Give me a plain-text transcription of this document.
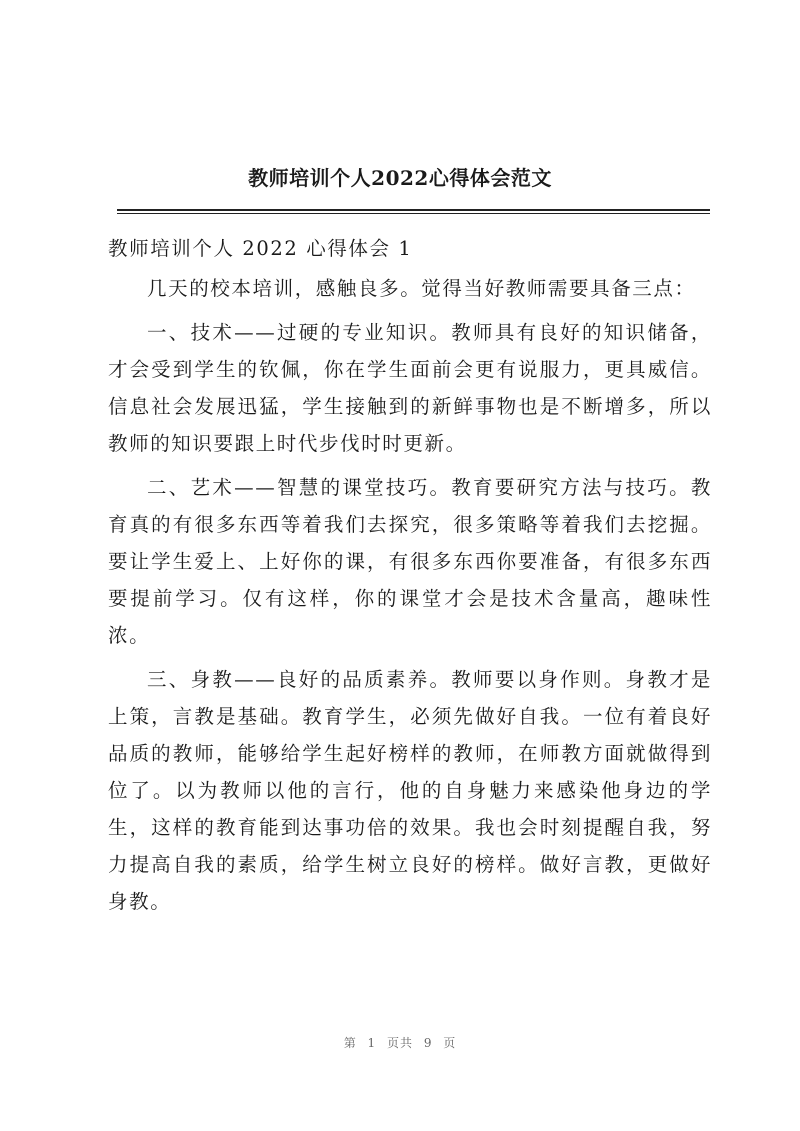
教师培训个人2022心得体会范文

教师培训个人 2022 心得体会 1

几天的校本培训，感触良多。觉得当好教师需要具备三点：

一、技术——过硬的专业知识。教师具有良好的知识储备，才会受到学生的钦佩，你在学生面前会更有说服力，更具威信。信息社会发展迅猛，学生接触到的新鲜事物也是不断增多，所以教师的知识要跟上时代步伐时时更新。

二、艺术——智慧的课堂技巧。教育要研究方法与技巧。教育真的有很多东西等着我们去探究，很多策略等着我们去挖掘。要让学生爱上、上好你的课，有很多东西你要准备，有很多东西要提前学习。仅有这样，你的课堂才会是技术含量高，趣味性浓。

三、身教——良好的品质素养。教师要以身作则。身教才是上策，言教是基础。教育学生，必须先做好自我。一位有着良好品质的教师，能够给学生起好榜样的教师，在师教方面就做得到位了。以为教师以他的言行，他的自身魅力来感染他身边的学生，这样的教育能到达事功倍的效果。我也会时刻提醒自我，努力提高自我的素质，给学生树立良好的榜样。做好言教，更做好身教。

第 1 页共 9 页
